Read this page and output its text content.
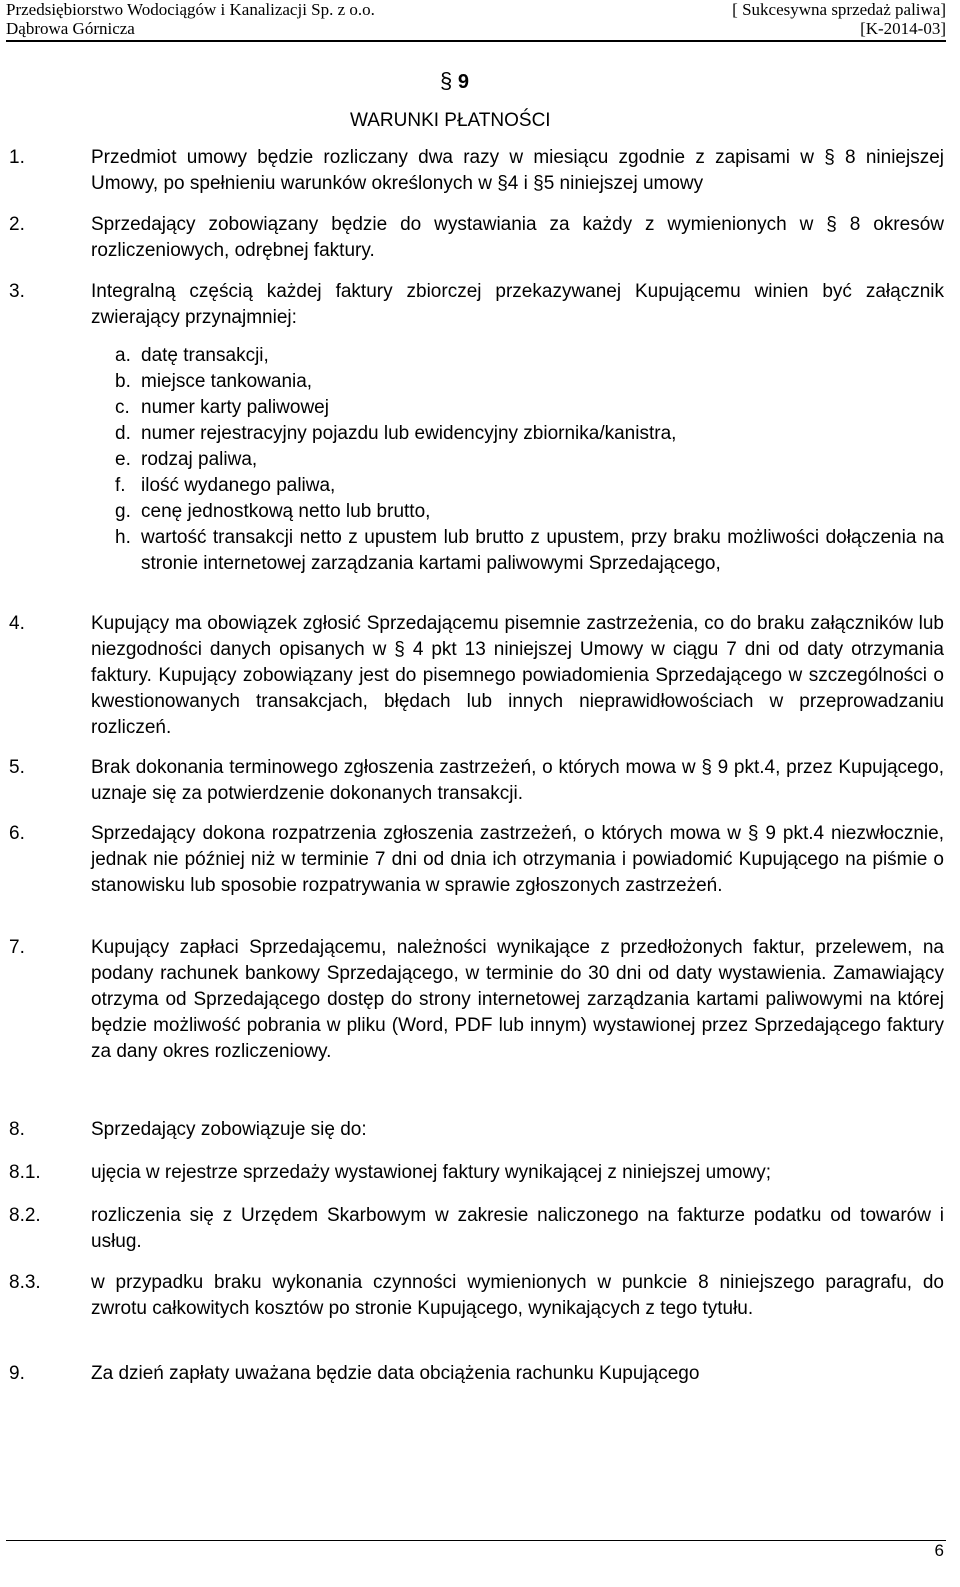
Przedsiębiorstwo Wodociągów i Kanalizacji Sp. z o.o.
Dąbrowa Górnicza
[ Sukcesywna sprzedaż paliwa]
[K-2014-03]
§ 9
WARUNKI PŁATNOŚCI
1.	Przedmiot umowy będzie rozliczany dwa razy w miesiącu zgodnie z zapisami w § 8 niniejszej Umowy, po spełnieniu warunków określonych w §4 i §5 niniejszej umowy
2.	Sprzedający zobowiązany będzie do wystawiania za każdy z wymienionych w § 8 okresów rozliczeniowych, odrębnej faktury.
3.	Integralną częścią każdej faktury zbiorczej przekazywanej Kupującemu winien być załącznik zwierający przynajmniej:
a. datę transakcji,
b. miejsce tankowania,
c. numer karty paliwowej
d. numer rejestracyjny pojazdu lub ewidencyjny zbiornika/kanistra,
e. rodzaj paliwa,
f. ilość wydanego paliwa,
g. cenę jednostkową netto lub brutto,
h. wartość transakcji netto z upustem lub brutto z upustem, przy braku możliwości dołączenia na stronie internetowej zarządzania kartami paliwowymi Sprzedającego,
4.	Kupujący ma obowiązek zgłosić Sprzedającemu pisemnie zastrzeżenia, co do braku załączników lub niezgodności danych opisanych w § 4 pkt 13 niniejszej Umowy w ciągu 7 dni od daty otrzymania faktury. Kupujący zobowiązany jest do pisemnego powiadomienia Sprzedającego w szczególności o kwestionowanych transakcjach, błędach lub innych nieprawidłowościach w przeprowadzaniu rozliczeń.
5.	Brak dokonania terminowego zgłoszenia zastrzeżeń, o których mowa w § 9 pkt.4, przez Kupującego, uznaje się za potwierdzenie dokonanych transakcji.
6.	Sprzedający dokona rozpatrzenia zgłoszenia zastrzeżeń, o których mowa w § 9 pkt.4 niezwłocznie, jednak nie później niż w terminie 7 dni od dnia ich otrzymania i powiadomić Kupującego na piśmie o stanowisku lub sposobie rozpatrywania w sprawie zgłoszonych zastrzeżeń.
7.	Kupujący zapłaci Sprzedającemu, należności wynikające z przedłożonych faktur, przelewem, na podany rachunek bankowy Sprzedającego, w terminie do 30 dni od daty wystawienia. Zamawiający otrzyma od Sprzedającego dostęp do strony internetowej zarządzania kartami paliwowymi na której będzie możliwość pobrania w pliku (Word, PDF lub innym) wystawionej przez Sprzedającego faktury za dany okres rozliczeniowy.
8.	Sprzedający zobowiązuje się do:
8.1.	ujęcia w rejestrze sprzedaży wystawionej faktury wynikającej z niniejszej umowy;
8.2.	rozliczenia się z Urzędem Skarbowym w zakresie naliczonego na fakturze podatku od towarów i usług.
8.3.	w przypadku braku wykonania czynności wymienionych w punkcie 8 niniejszego paragrafu, do zwrotu całkowitych kosztów po stronie Kupującego, wynikających z tego tytułu.
9.	Za dzień zapłaty uważana będzie data obciążenia rachunku Kupującego
6
